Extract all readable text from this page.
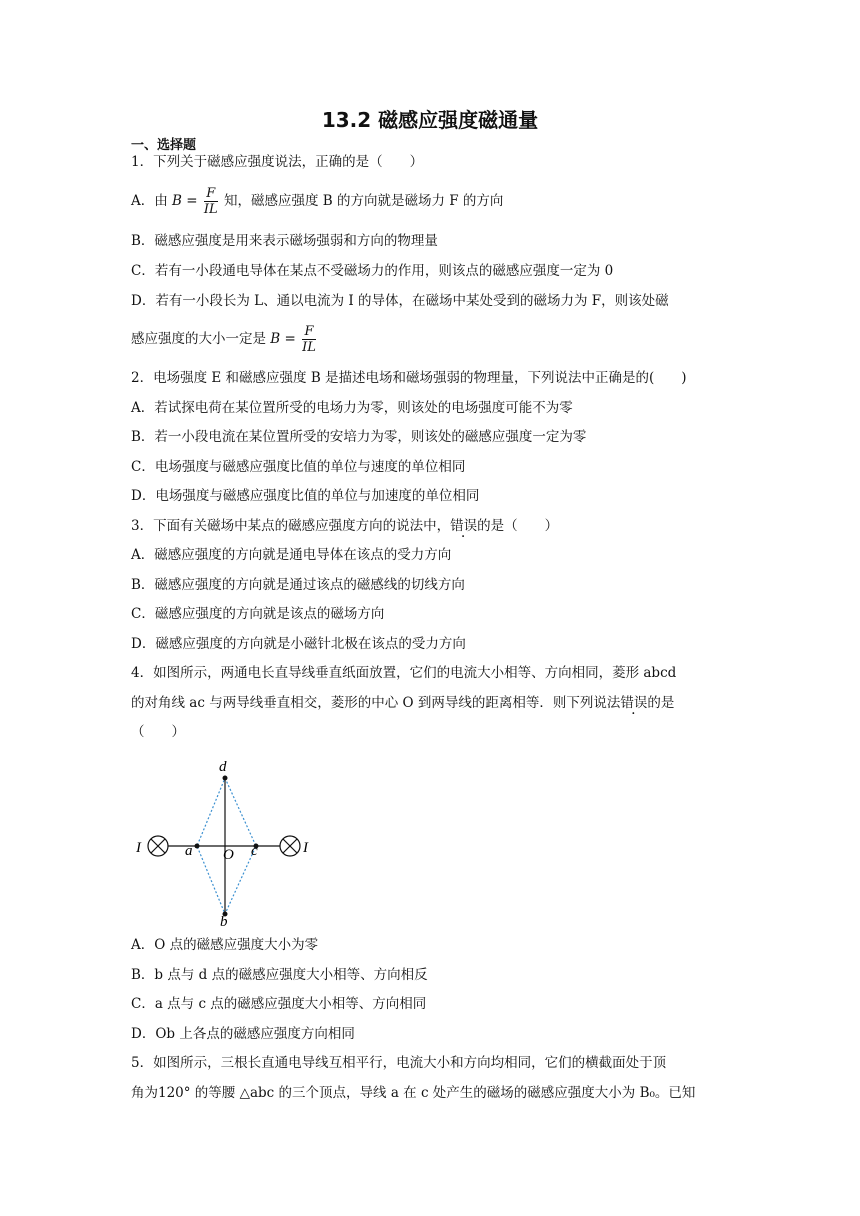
13.2 磁感应强度磁通量
一、选择题
1．下列关于磁感应强度说法，正确的是（　　）
A．由 $B = \frac{F}{IL}$ 知，磁感应强度 B 的方向就是磁场力 F 的方向
B．磁感应强度是用来表示磁场强弱和方向的物理量
C．若有一小段通电导体在某点不受磁场力的作用，则该点的磁感应强度一定为 0
D．若有一小段长为 L、通以电流为 I 的导体，在磁场中某处受到的磁场力为 F，则该处磁
感应强度的大小一定是 $B = \frac{F}{IL}$
2．电场强度 E 和磁感应强度 B 是描述电场和磁场强弱的物理量，下列说法中正确是的(　　)
A．若试探电荷在某位置所受的电场力为零，则该处的电场强度可能不为零
B．若一小段电流在某位置所受的安培力为零，则该处的磁感应强度一定为零
C．电场强度与磁感应强度比值的单位与速度的单位相同
D．电场强度与磁感应强度比值的单位与加速度的单位相同
3．下面有关磁场中某点的磁感应强度方向的说法中，错误的是（　　）
A．磁感应强度的方向就是通电导体在该点的受力方向
B．磁感应强度的方向就是通过该点的磁感线的切线方向
C．磁感应强度的方向就是该点的磁场方向
D．磁感应强度的方向就是小磁针北极在该点的受力方向
4．如图所示，两通电长直导线垂直纸面放置，它们的电流大小相等、方向相同，菱形 abcd
的对角线 ac 与两导线垂直相交，菱形的中心 O 到两导线的距离相等．则下列说法错误的是
（　　）
d
a O c
b
I	I
A．O 点的磁感应强度大小为零
B．b 点与 d 点的磁感应强度大小相等、方向相反
C．a 点与 c 点的磁感应强度大小相等、方向相同
D．Ob 上各点的磁感应强度方向相同
5．如图所示，三根长直通电导线互相平行，电流大小和方向均相同，它们的横截面处于顶
角为120° 的等腰 △abc 的三个顶点，导线 a 在 c 处产生的磁场的磁感应强度大小为 B₀。已知
